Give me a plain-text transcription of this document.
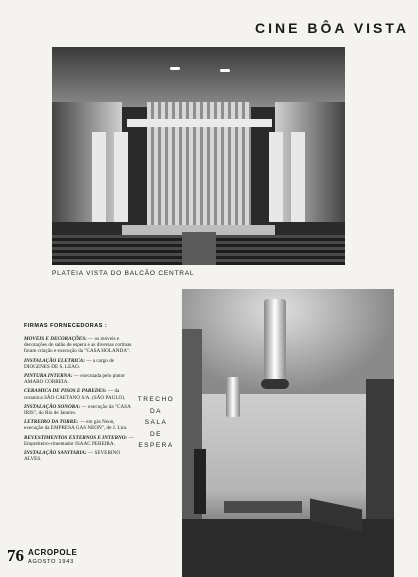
CINE BÔA VISTA
PLATEIA VISTA DO BALCÃO CENTRAL
FIRMAS FORNECEDORAS :
MOVEIS E DECORAÇÕES: — os móveis e decorações do salão de espera e as diversas cortinas foram criação e execução da "CASA HOLANDA".
INSTALAÇÃO ELETRICA: — a cargo de DIOGENES DE S. LEAO.
PINTURA INTERNA: — executada pelo pintor AMARO CORREIA.
CERAMICA DE PISOS E PAREDES: — da ceramica SÃO CAETANO S/A. (SÃO PAULO).
INSTALAÇÃO SONORA: — execução da "CASA IRIS", do Rio de Janeiro.
LETREIRO DA TORRE: — em gás Neon, execução da EMPRESA GAS NEON", de J. Lira.
REVESTIMENTOS EXTERNOS E INTERNO: — Empreiteiro-cimentador ISAAC PEREIRA.
INSTALAÇÃO SANITARIA: — SEVERINO ALVES.
TRECHO
DA
SALA
DE
ESPERA
76 ACROPOLE
AGOSTO 1943
